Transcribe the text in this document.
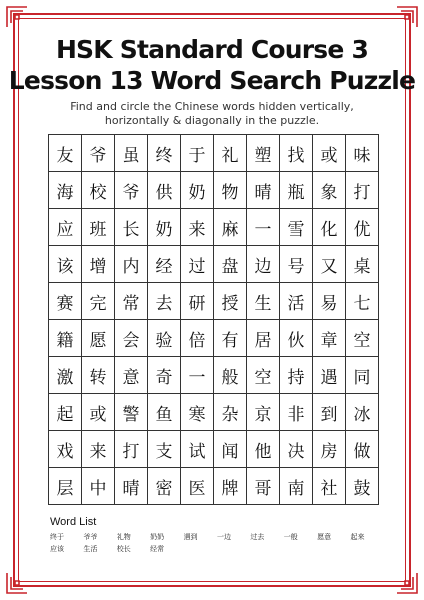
HSK Standard Course 3
Lesson 13 Word Search Puzzle
Find and circle the Chinese words hidden vertically, horizontally & diagonally in the puzzle.
友 爷 虽 终 于 礼 塑 找 或 味
海 校 爷 供 奶 物 晴 瓶 象 打
应 班 长 奶 来 麻 一 雪 化 优
该 增 内 经 过 盘 边 号 又 桌
赛 完 常 去 研 授 生 活 易 七
籍 愿 会 验 倍 有 居 伙 章 空
激 转 意 奇 一 般 空 持 遇 同
起 或 警 鱼 寒 杂 京 非 到 冰
戏 来 打 支 试 闻 他 决 房 做
层 中 晴 密 医 牌 哥 南 社 鼓
Word List
终于	爷爷	礼物	奶奶	遇到	一边	过去	一般	愿意	起来
应该	生活	校长	经常
